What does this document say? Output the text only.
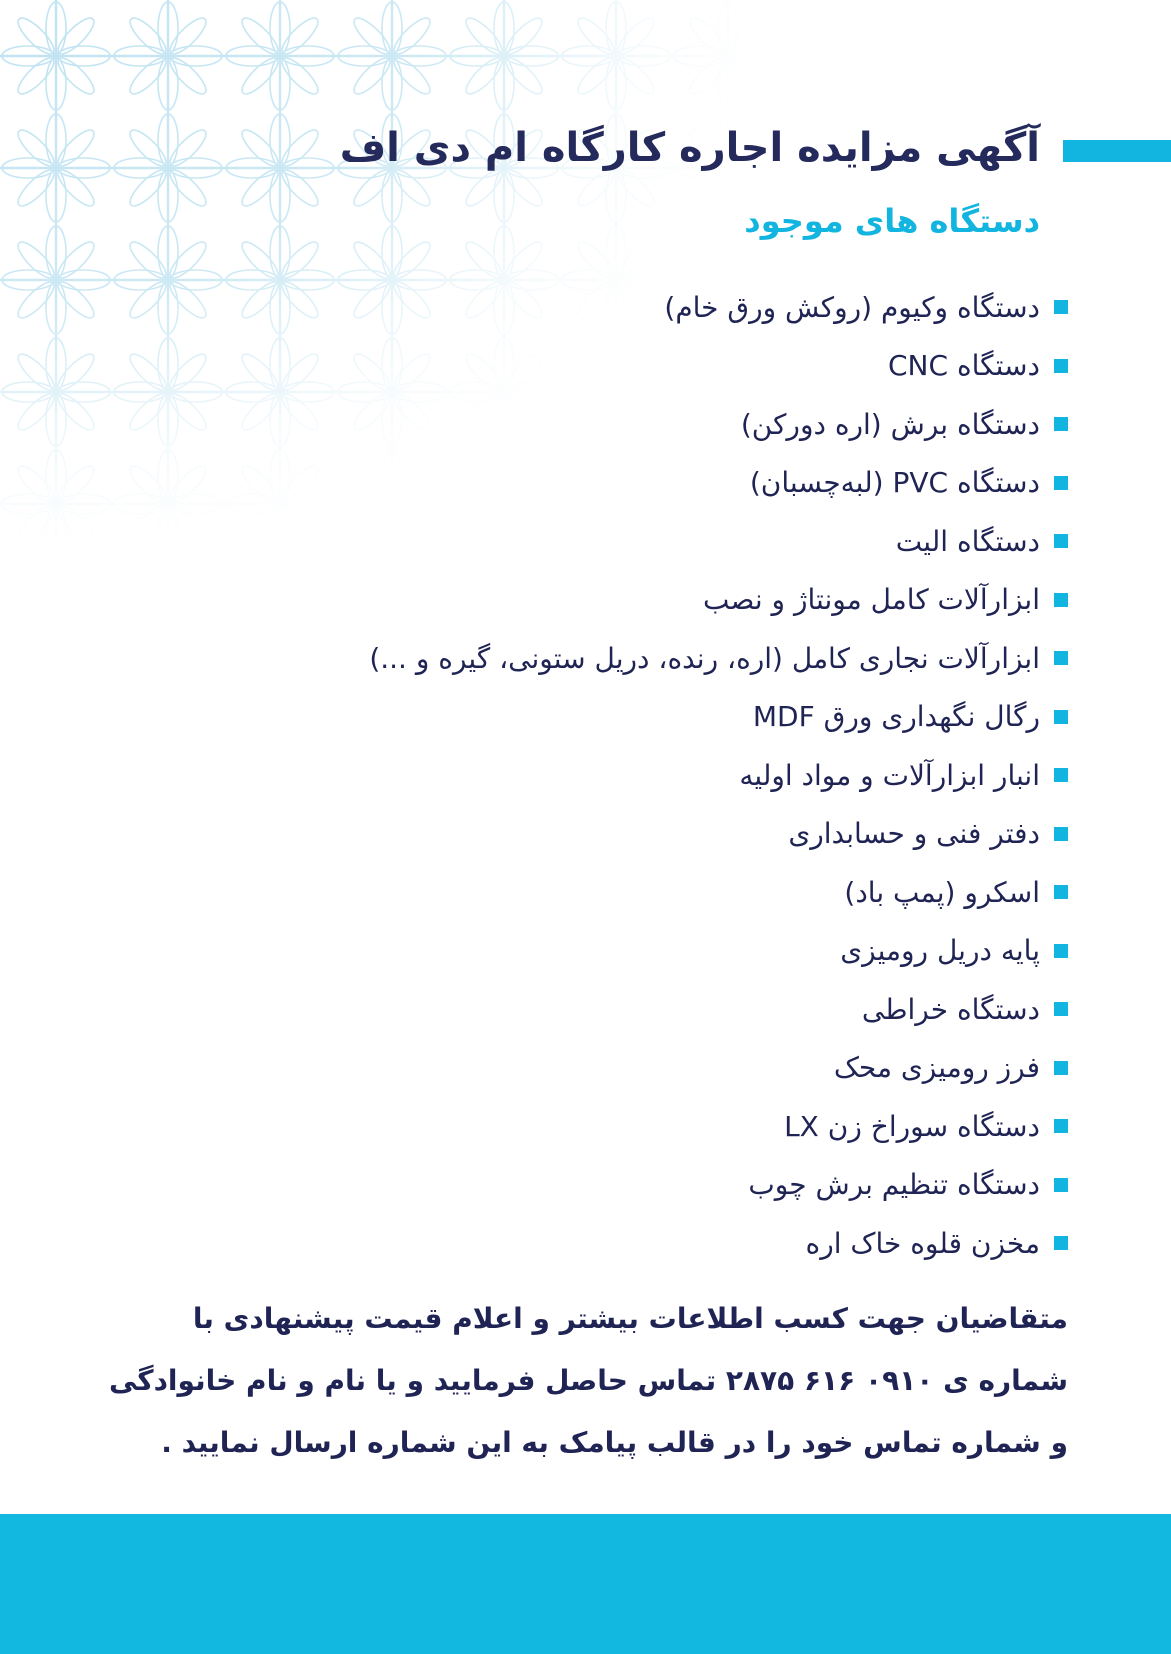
آگهی مزایده اجاره کارگاه ام دی اف
دستگاه های موجود
دستگاه وکیوم (روکش ورق خام)
دستگاه CNC
دستگاه برش (اره دورکن)
دستگاه PVC (لبه‌چسبان)
دستگاه الیت
ابزارآلات کامل مونتاژ و نصب
ابزارآلات نجاری کامل (اره، رنده، دریل ستونی، گیره و ...)
رگال نگهداری ورق MDF
انبار ابزارآلات و مواد اولیه
دفتر فنی و حسابداری
اسکرو (پمپ باد)
پایه دریل رومیزی
دستگاه خراطی
فرز رومیزی محک
دستگاه سوراخ زن LX
دستگاه تنظیم برش چوب
مخزن قلوه خاک اره

متقاضیان جهت کسب اطلاعات بیشتر و اعلام قیمت پیشنهادی با

شماره ی ۰۹۱۰ ۶۱۶ ۲۸۷۵ تماس حاصل فرمایید و یا نام و نام خانوادگی

و شماره تماس خود را در قالب پیامک به این شماره ارسال نمایید .
